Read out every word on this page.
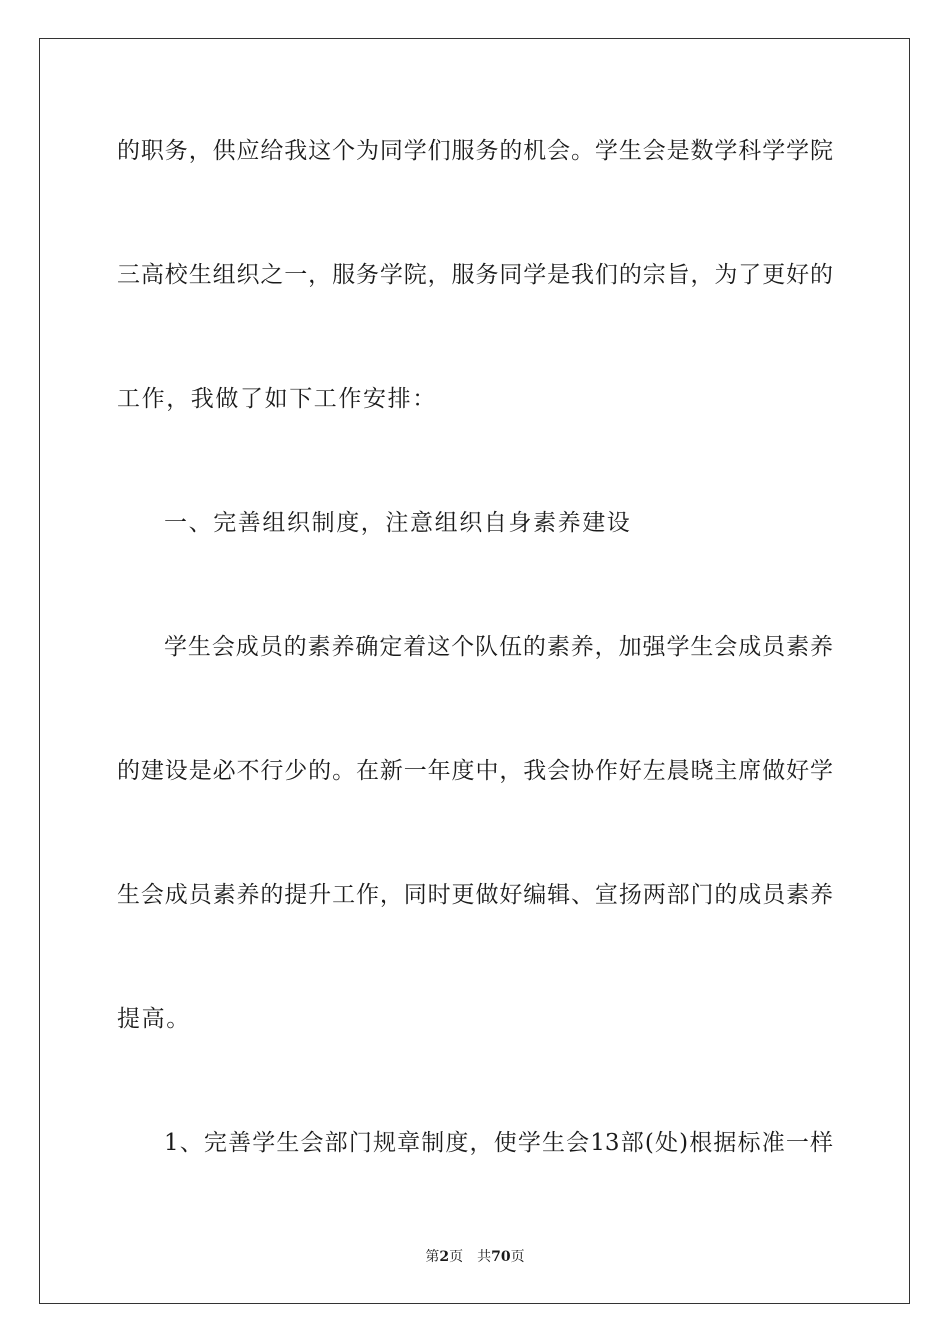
的职务，供应给我这个为同学们服务的机会。学生会是数学科学学院
三高校生组织之一，服务学院，服务同学是我们的宗旨，为了更好的
工作，我做了如下工作安排：
一、完善组织制度，注意组织自身素养建设
学生会成员的素养确定着这个队伍的素养，加强学生会成员素养
的建设是必不行少的。在新一年度中，我会协作好左晨晓主席做好学
生会成员素养的提升工作，同时更做好编辑、宣扬两部门的成员素养
提高。
1、完善学生会部门规章制度，使学生会13部(处)根据标准一样
第2页 共70页
